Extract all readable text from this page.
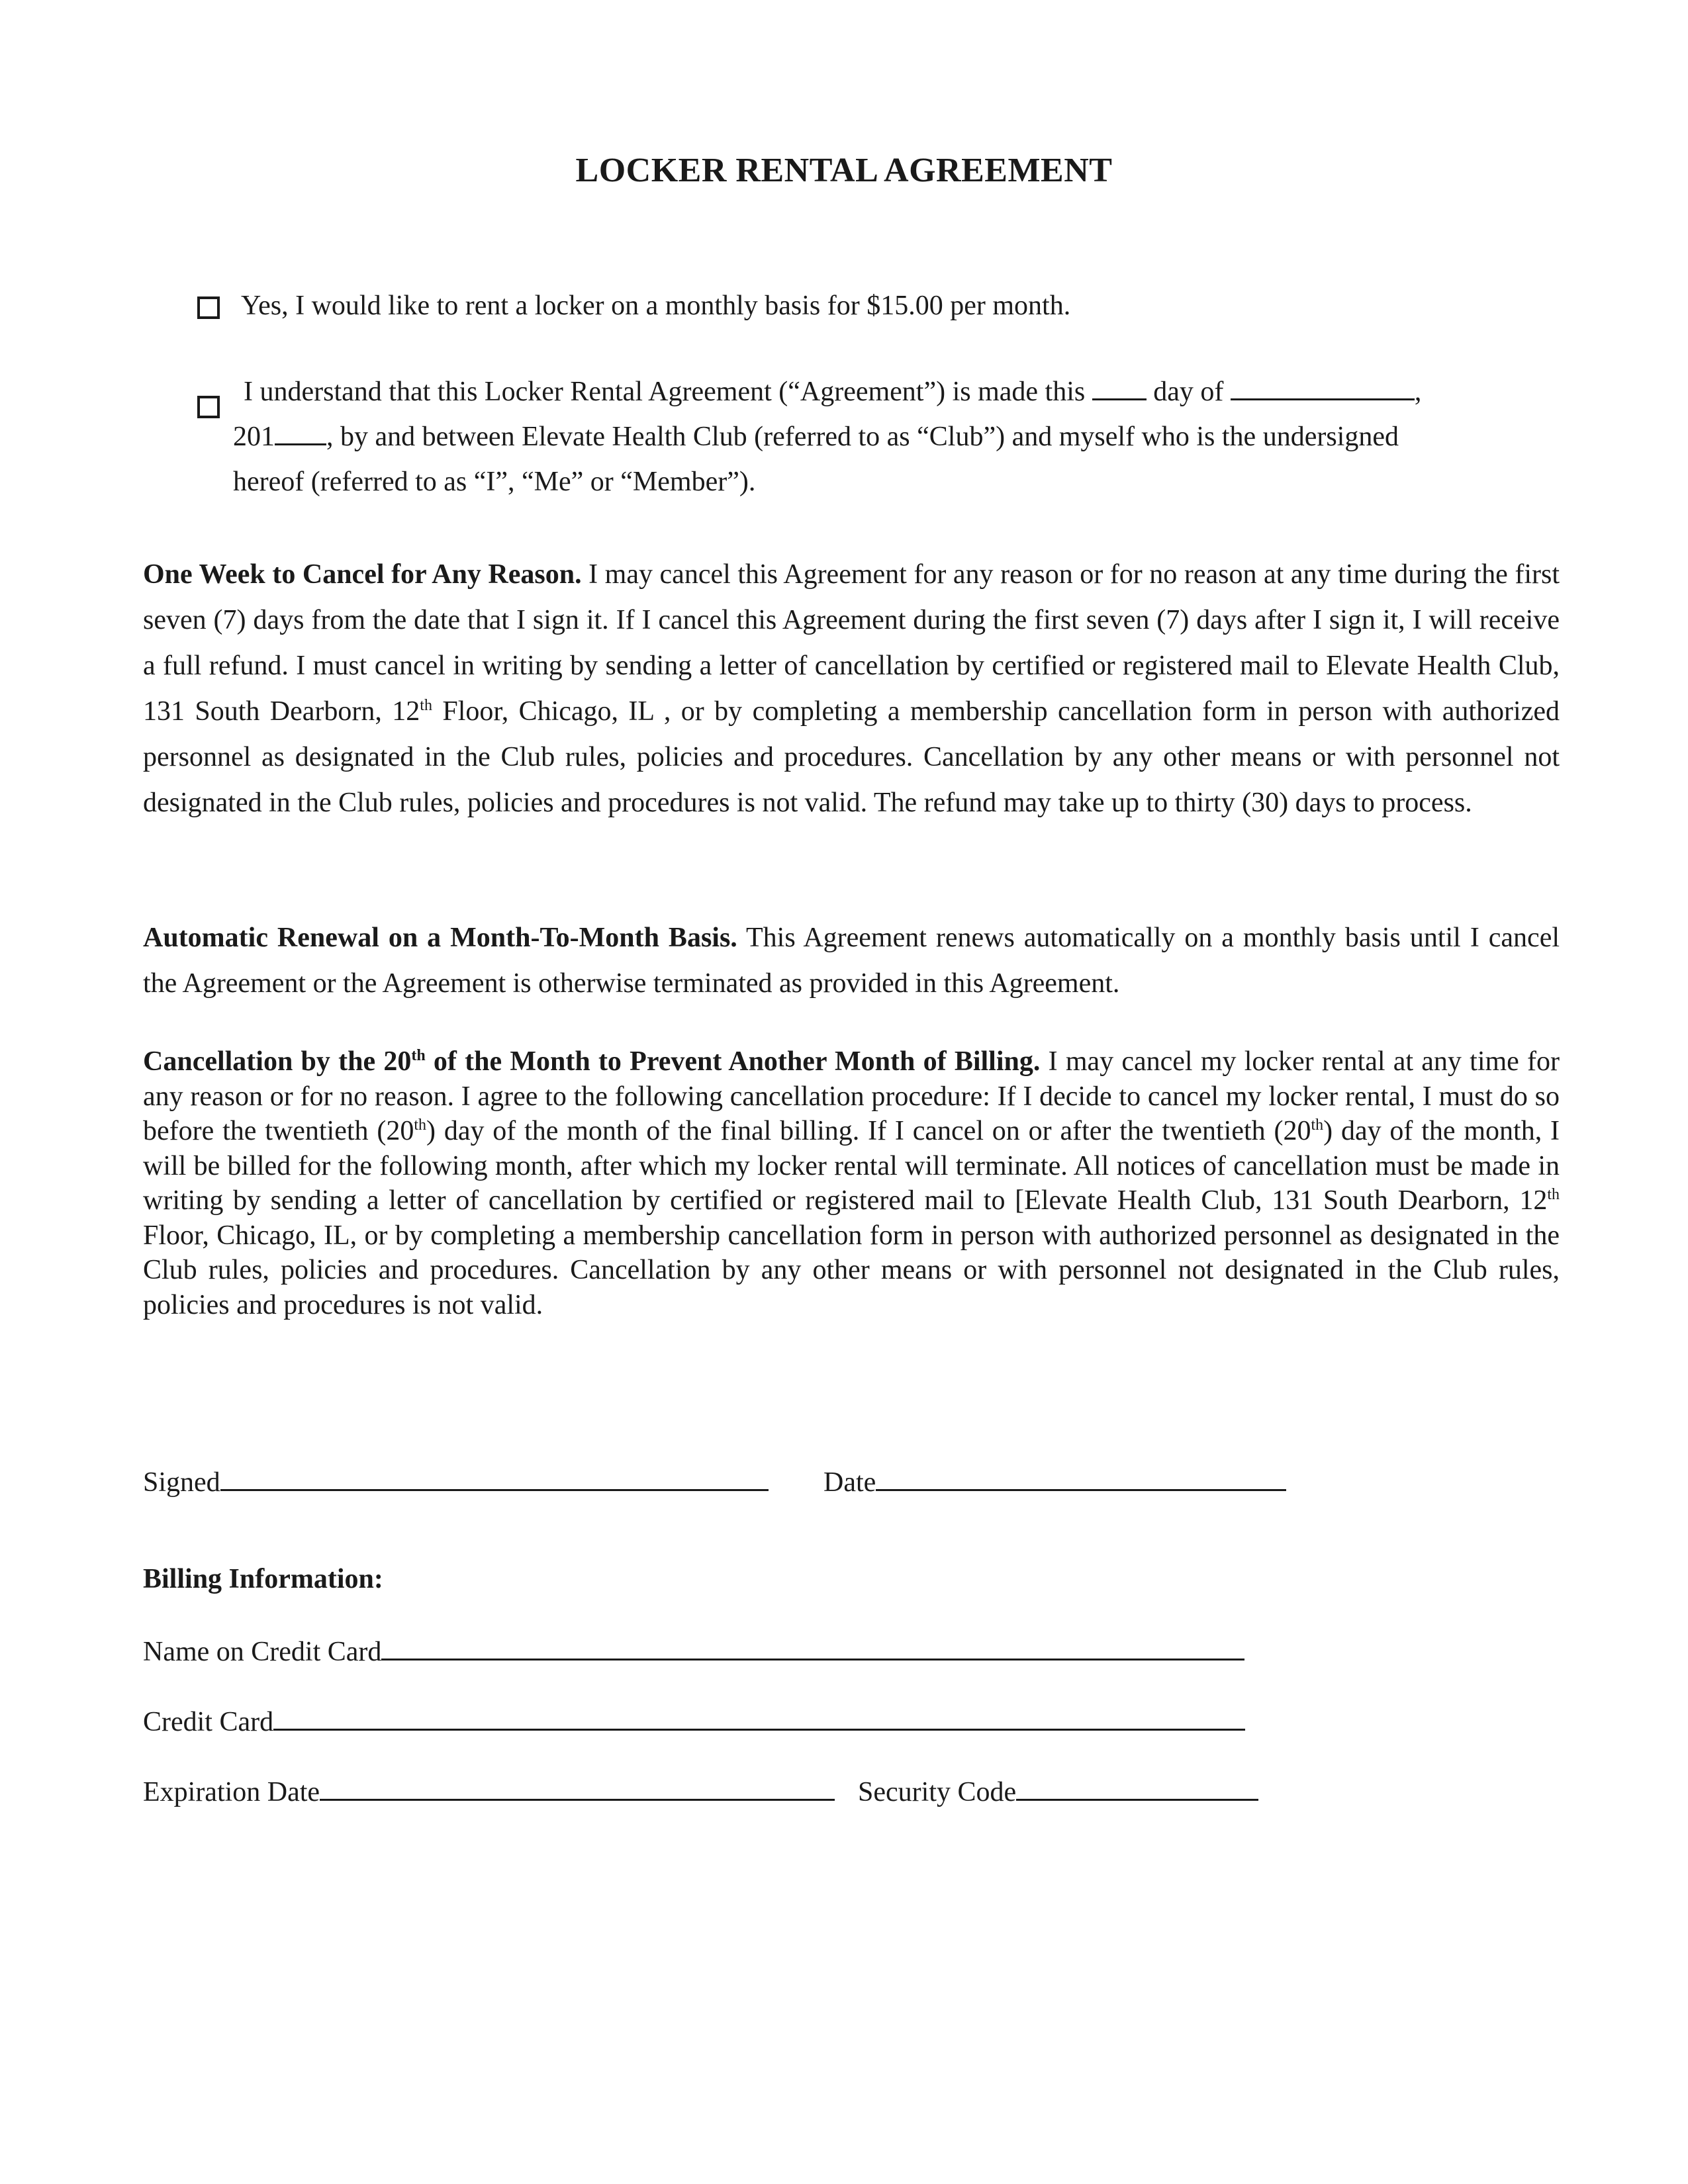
LOCKER RENTAL AGREEMENT
Yes, I would like to rent a locker on a monthly basis for $15.00 per month.
I understand that this Locker Rental Agreement (“Agreement”) is made this day of	,
201 , by and between Elevate Health Club (referred to as “Club”) and myself who is the undersigned
hereof (referred to as “I”, “Me” or “Member”).
One Week to Cancel for Any Reason. I may cancel this Agreement for any reason or for no reason at any time during the first seven (7) days from the date that I sign it. If I cancel this Agreement during the first seven (7) days after I sign it, I will receive a full refund. I must cancel in writing by sending a letter of cancellation by certified or registered mail to Elevate Health Club, 131 South Dearborn, 12th Floor, Chicago, IL , or by completing a membership cancellation form in person with authorized personnel as designated in the Club rules, policies and procedures. Cancellation by any other means or with personnel not designated in the Club rules, policies and procedures is not valid. The refund may take up to thirty (30) days to process.
Automatic Renewal on a Month-To-Month Basis. This Agreement renews automatically on a monthly basis until I cancel the Agreement or the Agreement is otherwise terminated as provided in this Agreement.
Cancellation by the 20th of the Month to Prevent Another Month of Billing. I may cancel my locker rental at any time for any reason or for no reason. I agree to the following cancellation procedure: If I decide to cancel my locker rental, I must do so before the twentieth (20th) day of the month of the final billing. If I cancel on or after the twentieth (20th) day of the month, I will be billed for the following month, after which my locker rental will terminate. All notices of cancellation must be made in writing by sending a letter of cancellation by certified or registered mail to [Elevate Health Club, 131 South Dearborn, 12th Floor, Chicago, IL, or by completing a membership cancellation form in person with authorized personnel as designated in the Club rules, policies and procedures. Cancellation by any other means or with personnel not designated in the Club rules, policies and procedures is not valid.
Signed	Date
Billing Information:
Name on Credit Card
Credit Card
Expiration Date	Security Code
